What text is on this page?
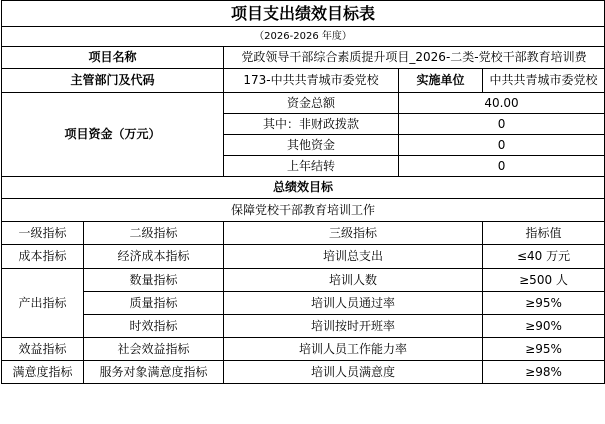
项目支出绩效目标表				
（2026-2026 年度）				
项目名称		党政领导干部综合素质提升项目_2026-二类-党校干部教育培训费		
主管部门及代码		173-中共共青城市委党校	实施单位	中共共青城市委党校
项目资金（万元）		资金总额	40.00	
		其中：非财政拨款	0	
		其他资金	0	
		上年结转	0	
总绩效目标				
保障党校干部教育培训工作				
一级指标	二级指标	三级指标		指标值
成本指标	经济成本指标	培训总支出		≤40 万元
产出指标	数量指标	培训人数		≥500 人
	质量指标	培训人员通过率		≥95%
	时效指标	培训按时开班率		≥90%
效益指标	社会效益指标	培训人员工作能力率		≥95%
满意度指标	服务对象满意度指标	培训人员满意度		≥98%
